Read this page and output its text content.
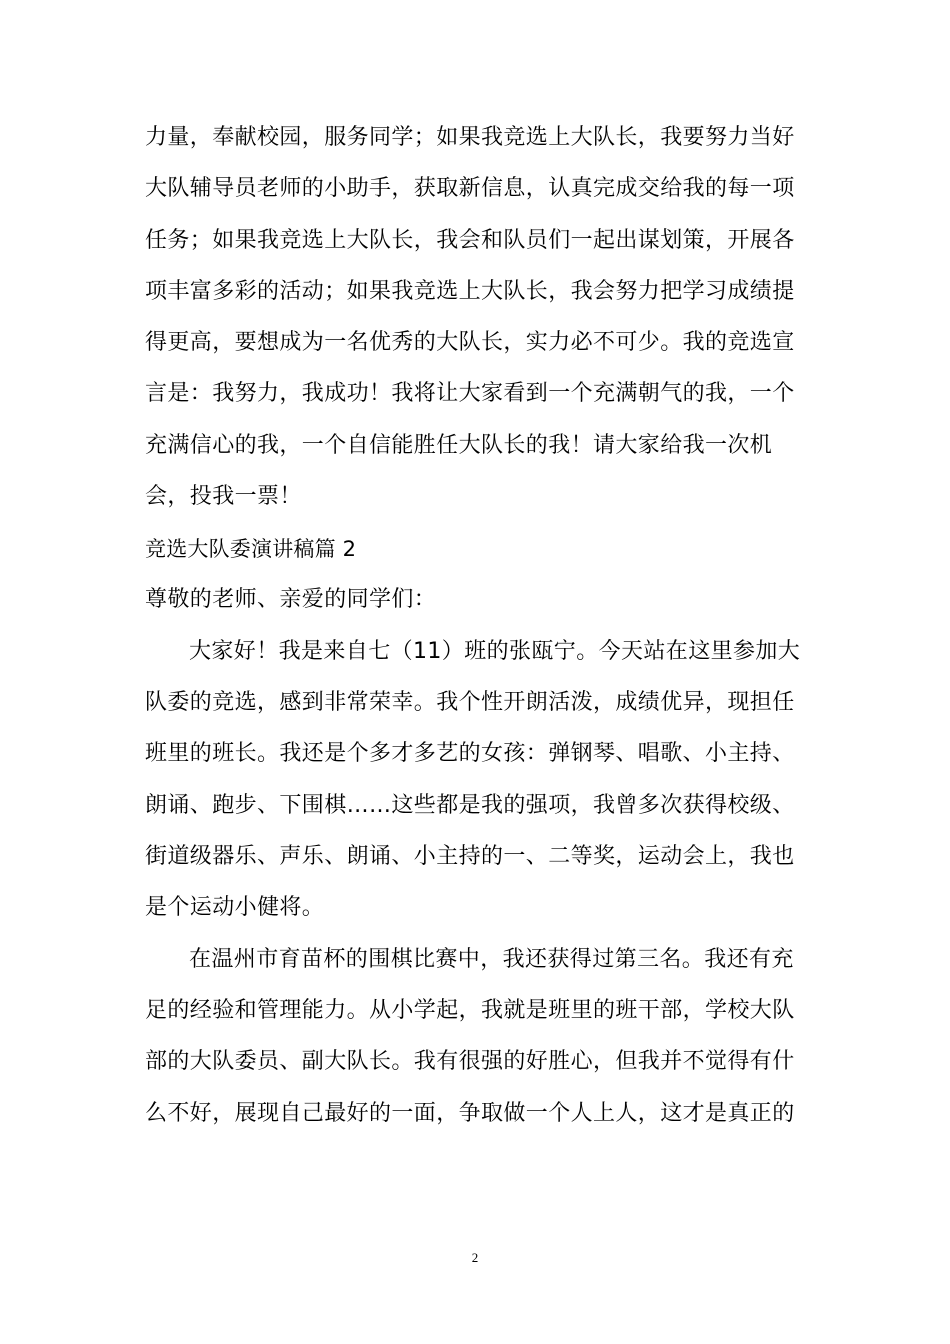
力量，奉献校园，服务同学；如果我竞选上大队长，我要努力当好
大队辅导员老师的小助手，获取新信息，认真完成交给我的每一项
任务；如果我竞选上大队长，我会和队员们一起出谋划策，开展各
项丰富多彩的活动；如果我竞选上大队长，我会努力把学习成绩提
得更高，要想成为一名优秀的大队长，实力必不可少。我的竞选宣
言是：我努力，我成功！我将让大家看到一个充满朝气的我，一个
充满信心的我，一个自信能胜任大队长的我！请大家给我一次机
会，投我一票！
竞选大队委演讲稿篇 2
尊敬的老师、亲爱的同学们：
大家好！我是来自七（11）班的张瓯宁。今天站在这里参加大
队委的竞选，感到非常荣幸。我个性开朗活泼，成绩优异，现担任
班里的班长。我还是个多才多艺的女孩：弹钢琴、唱歌、小主持、
朗诵、跑步、下围棋……这些都是我的强项，我曾多次获得校级、
街道级器乐、声乐、朗诵、小主持的一、二等奖，运动会上，我也
是个运动小健将。
在温州市育苗杯的围棋比赛中，我还获得过第三名。我还有充
足的经验和管理能力。从小学起，我就是班里的班干部，学校大队
部的大队委员、副大队长。我有很强的好胜心，但我并不觉得有什
么不好，展现自己最好的一面，争取做一个人上人，这才是真正的
2
